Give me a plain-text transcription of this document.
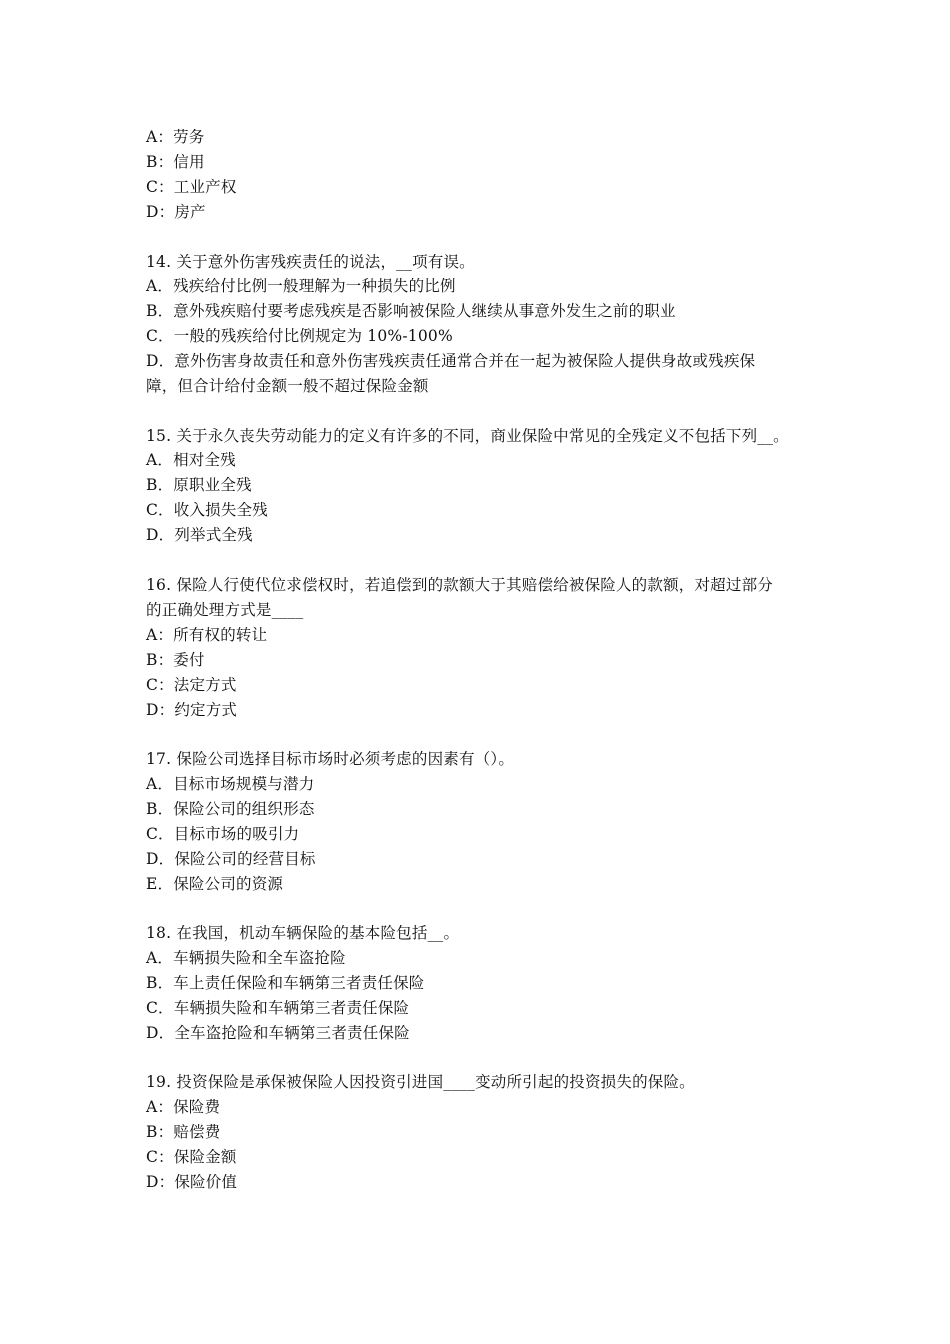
A：劳务
B：信用
C：工业产权
D：房产
14. 关于意外伤害残疾责任的说法，__项有误。
A．残疾给付比例一般理解为一种损失的比例
B．意外残疾赔付要考虑残疾是否影响被保险人继续从事意外发生之前的职业
C．一般的残疾给付比例规定为 10%-100%
D．意外伤害身故责任和意外伤害残疾责任通常合并在一起为被保险人提供身故或残疾保
障，但合计给付金额一般不超过保险金额
15. 关于永久丧失劳动能力的定义有许多的不同，商业保险中常见的全残定义不包括下列__。
A．相对全残
B．原职业全残
C．收入损失全残
D．列举式全残
16. 保险人行使代位求偿权时，若追偿到的款额大于其赔偿给被保险人的款额，对超过部分
的正确处理方式是____
A：所有权的转让
B：委付
C：法定方式
D：约定方式
17. 保险公司选择目标市场时必须考虑的因素有（）。
A．目标市场规模与潜力
B．保险公司的组织形态
C．目标市场的吸引力
D．保险公司的经营目标
E．保险公司的资源
18. 在我国，机动车辆保险的基本险包括__。
A．车辆损失险和全车盗抢险
B．车上责任保险和车辆第三者责任保险
C．车辆损失险和车辆第三者责任保险
D．全车盗抢险和车辆第三者责任保险
19. 投资保险是承保被保险人因投资引进国____变动所引起的投资损失的保险。
A：保险费
B：赔偿费
C：保险金额
D：保险价值
